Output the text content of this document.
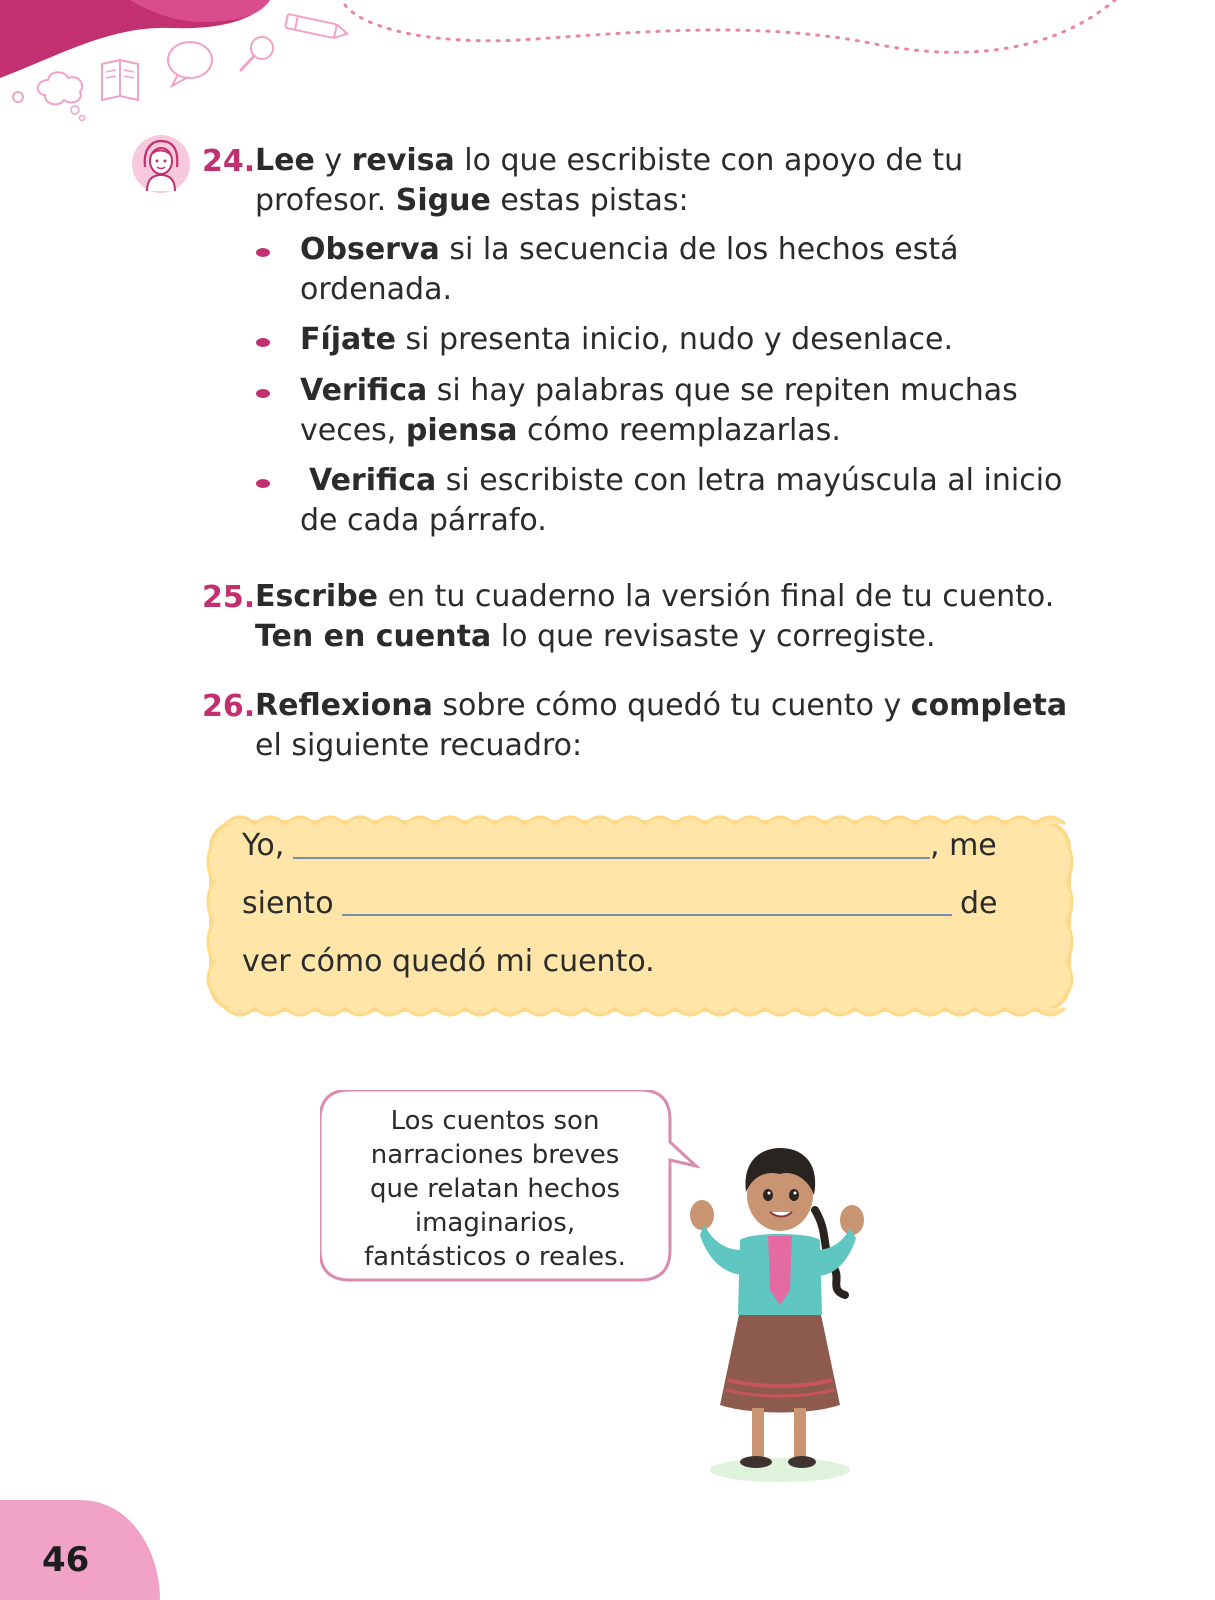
24. Lee y revisa lo que escribiste con apoyo de tu
profesor. Sigue estas pistas:
Observa si la secuencia de los hechos está
ordenada.
Fíjate si presenta inicio, nudo y desenlace.
Verifica si hay palabras que se repiten muchas
veces, piensa cómo reemplazarlas.
Verifica si escribiste con letra mayúscula al inicio
de cada párrafo.
25. Escribe en tu cuaderno la versión final de tu cuento.
Ten en cuenta lo que revisaste y corregiste.
26. Reflexiona sobre cómo quedó tu cuento y completa
el siguiente recuadro:
Yo,	, me
siento	de
ver cómo quedó mi cuento.
Los cuentos son
narraciones breves
que relatan hechos
imaginarios,
fantásticos o reales.
46
